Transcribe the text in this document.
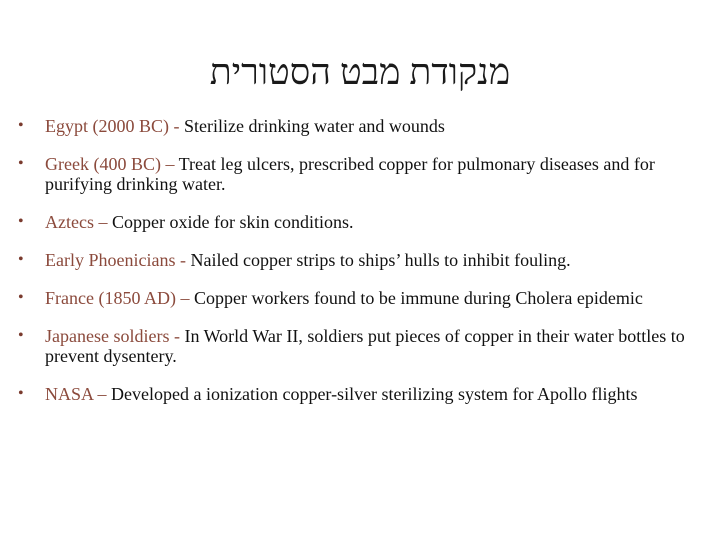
מנקודת מבט הסטורית
•	Egypt (2000 BC) - Sterilize drinking water and wounds
•	Greek (400 BC) – Treat leg ulcers, prescribed copper for pulmonary diseases and for purifying drinking water.
•	Aztecs – Copper oxide for skin conditions.
•	Early Phoenicians - Nailed copper strips to ships’ hulls to inhibit fouling.
•	France (1850 AD) – Copper workers found to be immune during Cholera epidemic
•	Japanese soldiers - In World War II, soldiers put pieces of copper in their water bottles to prevent dysentery.
•	NASA – Developed a ionization copper-silver sterilizing system for Apollo flights
